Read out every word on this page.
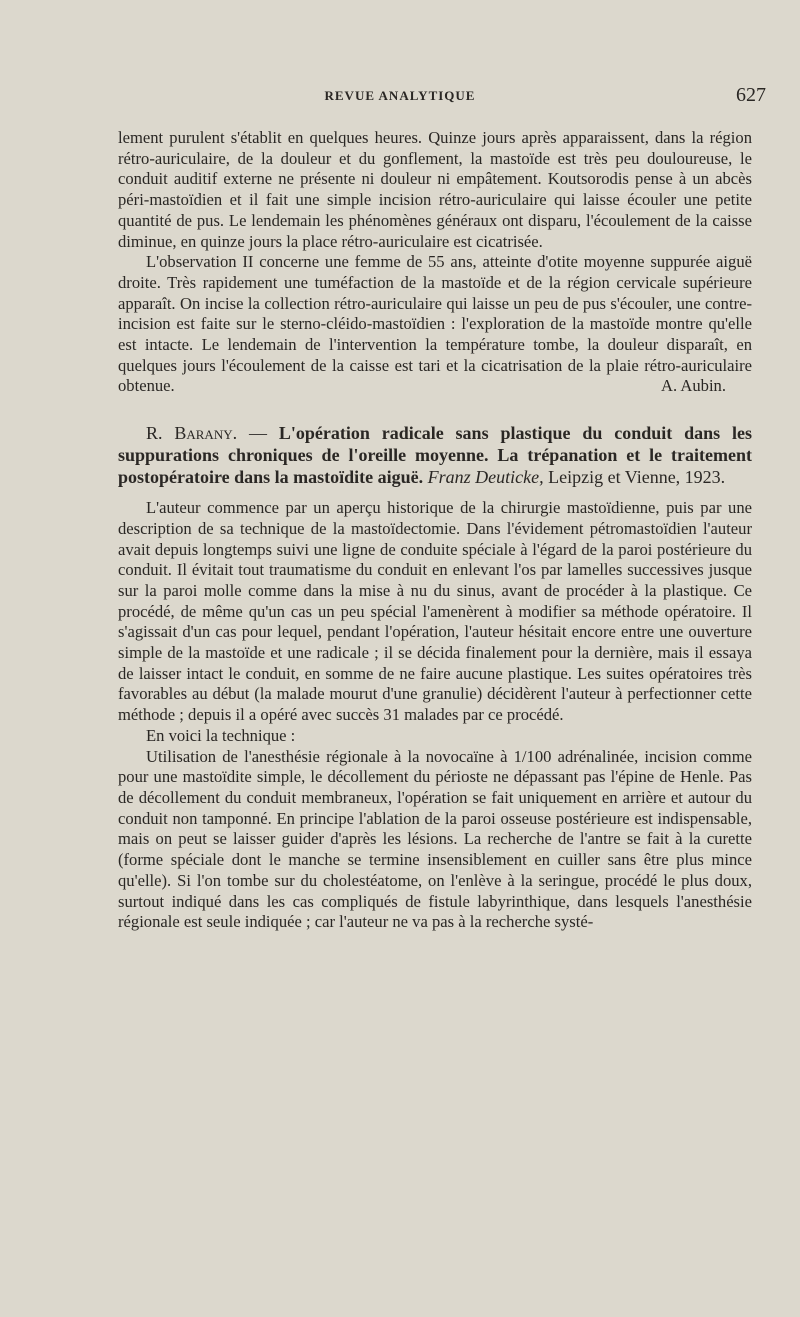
REVUE ANALYTIQUE	627

lement purulent s'établit en quelques heures. Quinze jours après apparaissent, dans la région rétro-auriculaire, de la douleur et du gonflement, la mastoïde est très peu douloureuse, le conduit auditif externe ne présente ni douleur ni empâtement. Koutsorodis pense à un abcès péri-mastoïdien et il fait une simple incision rétro-auriculaire qui laisse écouler une petite quantité de pus. Le lendemain les phénomènes généraux ont disparu, l'écoulement de la caisse diminue, en quinze jours la place rétro-auriculaire est cicatrisée.

L'observation II concerne une femme de 55 ans, atteinte d'otite moyenne suppurée aiguë droite. Très rapidement une tuméfaction de la mastoïde et de la région cervicale supérieure apparaît. On incise la collection rétro-auriculaire qui laisse un peu de pus s'écouler, une contre-incision est faite sur le sterno-cléido-mastoïdien : l'exploration de la mastoïde montre qu'elle est intacte. Le lendemain de l'intervention la température tombe, la douleur disparaît, en quelques jours l'écoulement de la caisse est tari et la cicatrisation de la plaie rétro-auriculaire obtenue.	A. Aubin.

R. Barany. — L'opération radicale sans plastique du conduit dans les suppurations chroniques de l'oreille moyenne. La trépanation et le traitement postopératoire dans la mastoïdite aiguë. Franz Deuticke, Leipzig et Vienne, 1923.

L'auteur commence par un aperçu historique de la chirurgie mastoïdienne, puis par une description de sa technique de la mastoïdectomie. Dans l'évidement pétromastoïdien l'auteur avait depuis longtemps suivi une ligne de conduite spéciale à l'égard de la paroi postérieure du conduit. Il évitait tout traumatisme du conduit en enlevant l'os par lamelles successives jusque sur la paroi molle comme dans la mise à nu du sinus, avant de procéder à la plastique. Ce procédé, de même qu'un cas un peu spécial l'amenèrent à modifier sa méthode opératoire. Il s'agissait d'un cas pour lequel, pendant l'opération, l'auteur hésitait encore entre une ouverture simple de la mastoïde et une radicale ; il se décida finalement pour la dernière, mais il essaya de laisser intact le conduit, en somme de ne faire aucune plastique. Les suites opératoires très favorables au début (la malade mourut d'une granulie) décidèrent l'auteur à perfectionner cette méthode ; depuis il a opéré avec succès 31 malades par ce procédé.

En voici la technique :

Utilisation de l'anesthésie régionale à la novocaïne à 1/100 adrénalinée, incision comme pour une mastoïdite simple, le décollement du périoste ne dépassant pas l'épine de Henle. Pas de décollement du conduit membraneux, l'opération se fait uniquement en arrière et autour du conduit non tamponné. En principe l'ablation de la paroi osseuse postérieure est indispensable, mais on peut se laisser guider d'après les lésions. La recherche de l'antre se fait à la curette (forme spéciale dont le manche se termine insensiblement en cuiller sans être plus mince qu'elle). Si l'on tombe sur du cholestéatome, on l'enlève à la seringue, procédé le plus doux, surtout indiqué dans les cas compliqués de fistule labyrinthique, dans lesquels l'anesthésie régionale est seule indiquée ; car l'auteur ne va pas à la recherche systé-
